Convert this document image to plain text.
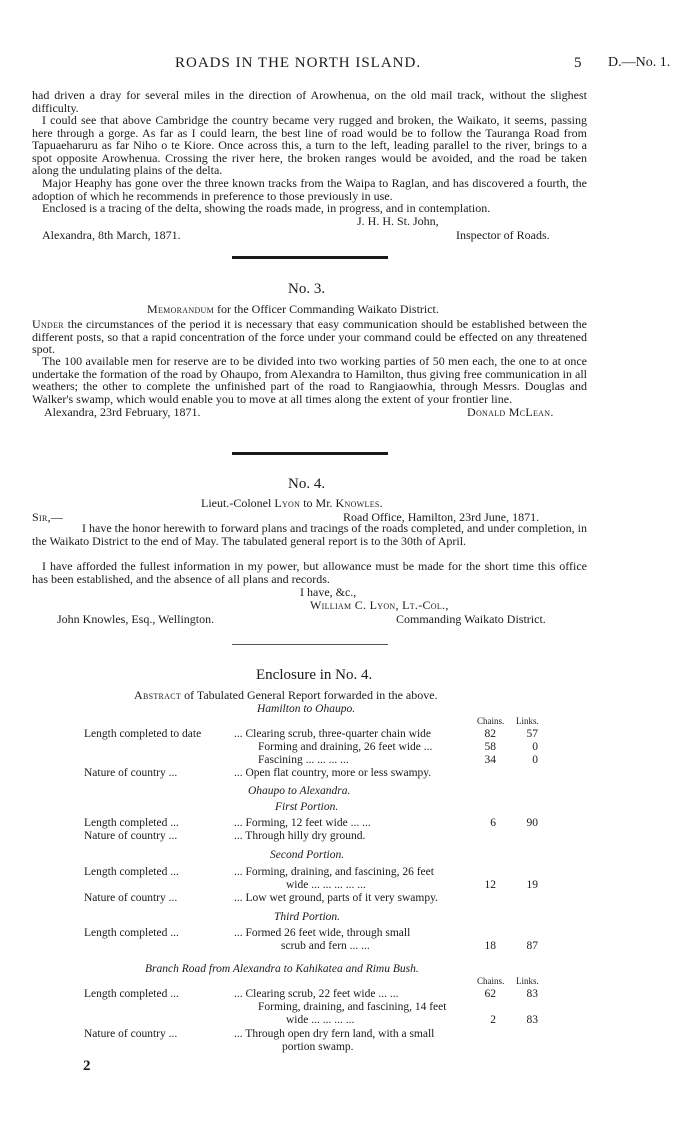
ROADS IN THE NORTH ISLAND.	5 D.—No. 1.
had driven a dray for several miles in the direction of Arowhenua, on the old mail track, without the slighest difficulty.
I could see that above Cambridge the country became very rugged and broken, the Waikato, it seems, passing here through a gorge. As far as I could learn, the best line of road would be to follow the Tauranga Road from Tapuaeharuru as far Niho o te Kiore. Once across this, a turn to the left, leading parallel to the river, brings to a spot opposite Arowhenua. Crossing the river here, the broken ranges would be avoided, and the road be taken along the undulating plains of the delta.
Major Heaphy has gone over the three known tracks from the Waipa to Raglan, and has discovered a fourth, the adoption of which he recommends in preference to those previously in use.
Enclosed is a tracing of the delta, showing the roads made, in progress, and in contemplation.
J. H. H. St. John,
Alexandra, 8th March, 1871.	Inspector of Roads.
No. 3.
Memorandum for the Officer Commanding Waikato District.
Under the circumstances of the period it is necessary that easy communication should be established between the different posts, so that a rapid concentration of the force under your command could be effected on any threatened spot.
The 100 available men for reserve are to be divided into two working parties of 50 men each, the one to at once undertake the formation of the road by Ohaupo, from Alexandra to Hamilton, thus giving free communication in all weathers; the other to complete the unfinished part of the road to Rangiaowhia, through Messrs. Douglas and Walker's swamp, which would enable you to move at all times along the extent of your frontier line.
Alexandra, 23rd February, 1871.	Donald McLean.
No. 4.
Lieut.-Colonel Lyon to Mr. Knowles.
Sir,—	Road Office, Hamilton, 23rd June, 1871.
I have the honor herewith to forward plans and tracings of the roads completed, and under completion, in the Waikato District to the end of May. The tabulated general report is to the 30th of April.
I have afforded the fullest information in my power, but allowance must be made for the short time this office has been established, and the absence of all plans and records.
I have, &c.,
William C. Lyon, Lt.-Col.,
John Knowles, Esq., Wellington.	Commanding Waikato District.
Enclosure in No. 4.
Abstract of Tabulated General Report forwarded in the above.
Hamilton to Ohaupo.
Chains. Links.
Length completed to date	... Clearing scrub, three-quarter chain wide	82	57
Forming and draining, 26 feet wide ...	58	0
Fascining ... ... ... ...	34	0
Nature of country ...	... Open flat country, more or less swampy.
Ohaupo to Alexandra.
First Portion.
Length completed ...	... Forming, 12 feet wide ... ...	6	90
Nature of country ...	... Through hilly dry ground.
Second Portion.
Length completed ...	... Forming, draining, and fascining, 26 feet
wide ... ... ... ... ...	12	19
Nature of country ...	... Low wet ground, parts of it very swampy.
Third Portion.
Length completed ...	... Formed 26 feet wide, through small
scrub and fern ... ...	18	87
Branch Road from Alexandra to Kahikatea and Rimu Bush.
Chains. Links.
Length completed ...	... Clearing scrub, 22 feet wide ... ...	62	83
Forming, draining, and fascining, 14 feet
wide ... ... ... ...	2	83
Nature of country ...	... Through open dry fern land, with a small
portion swamp.
2
